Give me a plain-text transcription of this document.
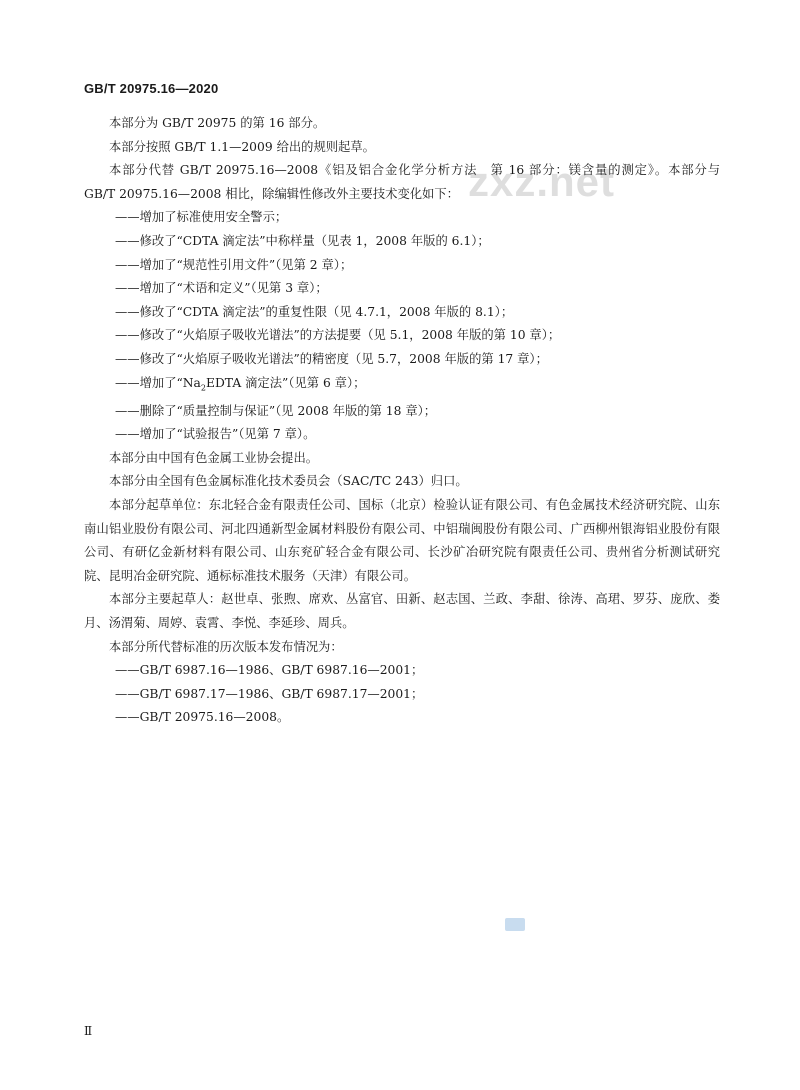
GB/T 20975.16—2020
zxz.net

本部分为 GB/T 20975 的第 16 部分。

本部分按照 GB/T 1.1—2009 给出的规则起草。

本部分代替 GB/T 20975.16—2008《铝及铝合金化学分析方法　第 16 部分：镁含量的测定》。本部分与 GB/T 20975.16—2008 相比，除编辑性修改外主要技术变化如下：

——增加了标准使用安全警示；

——修改了“CDTA 滴定法”中称样量（见表 1，2008 年版的 6.1）；

——增加了“规范性引用文件”（见第 2 章）；

——增加了“术语和定义”（见第 3 章）；

——修改了“CDTA 滴定法”的重复性限（见 4.7.1，2008 年版的 8.1）；

——修改了“火焰原子吸收光谱法”的方法提要（见 5.1，2008 年版的第 10 章）；

——修改了“火焰原子吸收光谱法”的精密度（见 5.7，2008 年版的第 17 章）；

——增加了“$Na_2EDTA$ 滴定法”（见第 6 章）；

——删除了“质量控制与保证”（见 2008 年版的第 18 章）；

——增加了“试验报告”（见第 7 章）。

本部分由中国有色金属工业协会提出。

本部分由全国有色金属标准化技术委员会（SAC/TC 243）归口。

本部分起草单位：东北轻合金有限责任公司、国标（北京）检验认证有限公司、有色金属技术经济研究院、山东南山铝业股份有限公司、河北四通新型金属材料股份有限公司、中铝瑞闽股份有限公司、广西柳州银海铝业股份有限公司、有研亿金新材料有限公司、山东兖矿轻合金有限公司、长沙矿冶研究院有限责任公司、贵州省分析测试研究院、昆明冶金研究院、通标标准技术服务（天津）有限公司。

本部分主要起草人：赵世卓、张煦、席欢、丛富官、田新、赵志国、兰政、李甜、徐涛、高珺、罗芬、庞欣、娄月、汤渭菊、周婷、袁霄、李悦、李延珍、周兵。

本部分所代替标准的历次版本发布情况为：

——GB/T 6987.16—1986、GB/T 6987.16—2001；

——GB/T 6987.17—1986、GB/T 6987.17—2001；

——GB/T 20975.16—2008。

Ⅱ
